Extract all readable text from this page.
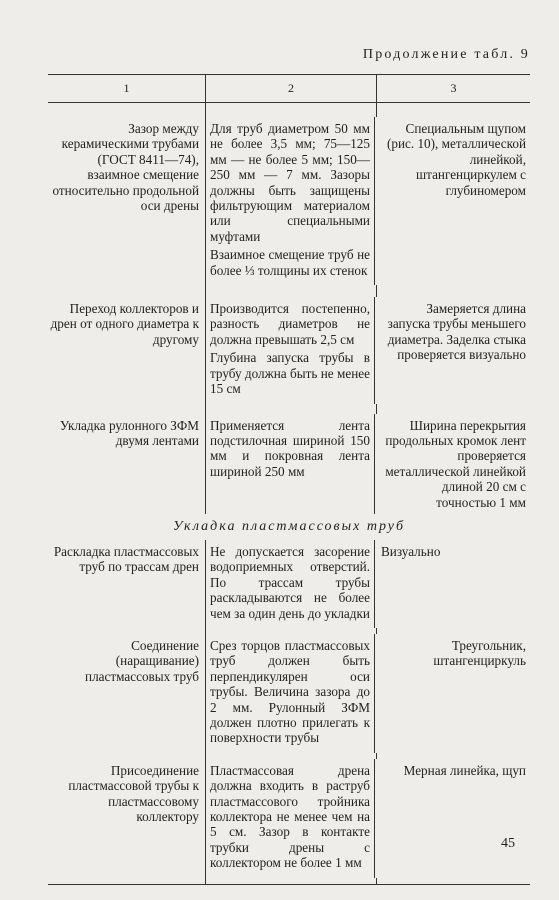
Продолжение табл. 9
1	2	3
Зазор между керамическими трубами (ГОСТ 8411—74), взаимное смещение относительно продольной оси дрены
Для труб диаметром 50 мм не более 3,5 мм; 75—125 мм — не более 5 мм; 150—250 мм — 7 мм. Зазоры должны быть защищены фильтрующим материалом или специальными муфтами
Взаимное смещение труб не более ⅓ толщины их стенок
Специальным щупом (рис. 10), металлической линейкой, штангенциркулем с глубиномером
Переход коллекторов и дрен от одного диаметра к другому
Производится постепенно, разность диаметров не должна превышать 2,5 см
Глубина запуска трубы в трубу должна быть не менее 15 см
Замеряется длина запуска трубы меньшего диаметра. Заделка стыка проверяется визуально
Укладка рулонного ЗФМ двумя лентами
Применяется лента подстилочная шириной 150 мм и покровная лента шириной 250 мм
Ширина перекрытия продольных кромок лент проверяется металлической линейкой длиной 20 см с точностью 1 мм
Укладка пластмассовых труб
Раскладка пластмассовых труб по трассам дрен
Не допускается засорение водоприемных отверстий. По трассам трубы раскладываются не более чем за один день до укладки
Визуально
Соединение (наращивание) пластмассовых труб
Срез торцов пластмассовых труб должен быть перпендикулярен оси трубы. Величина зазора до 2 мм. Рулонный ЗФМ должен плотно прилегать к поверхности трубы
Треугольник, штангенциркуль
Присоединение пластмассовой трубы к пластмассовому коллектору
Пластмассовая дрена должна входить в раструб пластмассового тройника коллектора не менее чем на 5 см. Зазор в контакте трубки дрены с коллектором не более 1 мм
Мерная линейка, щуп
45
